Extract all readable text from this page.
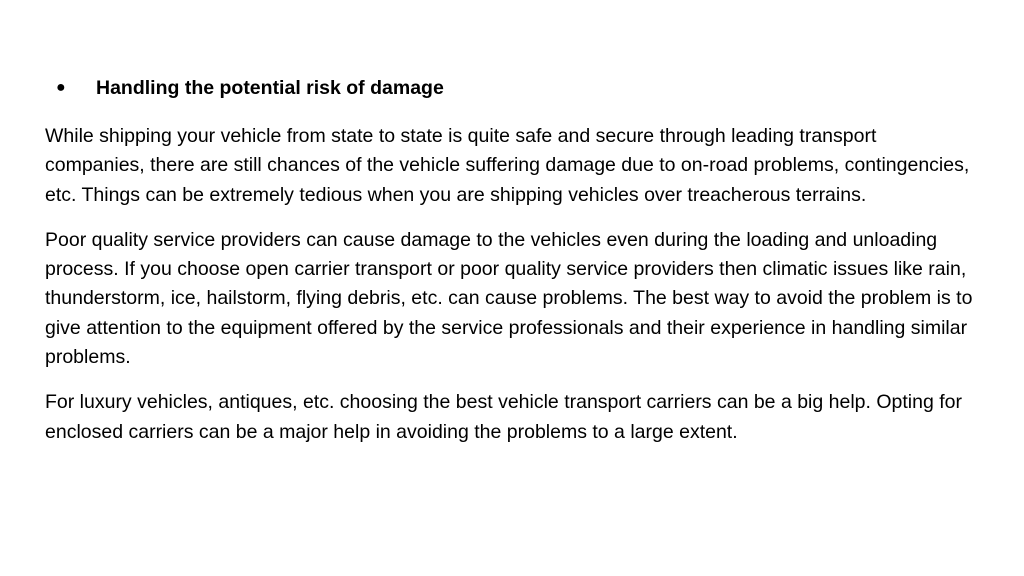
●	Handling the potential risk of damage

While shipping your vehicle from state to state is quite safe and secure through leading transport companies, there are still chances of the vehicle suffering damage due to on-road problems, contingencies, etc. Things can be extremely tedious when you are shipping vehicles over treacherous terrains.

Poor quality service providers can cause damage to the vehicles even during the loading and unloading process. If you choose open carrier transport or poor quality service providers then climatic issues like rain, thunderstorm, ice, hailstorm, flying debris, etc. can cause problems. The best way to avoid the problem is to give attention to the equipment offered by the service professionals and their experience in handling similar problems.

For luxury vehicles, antiques, etc. choosing the best vehicle transport carriers can be a big help. Opting for enclosed carriers can be a major help in avoiding the problems to a large extent.
